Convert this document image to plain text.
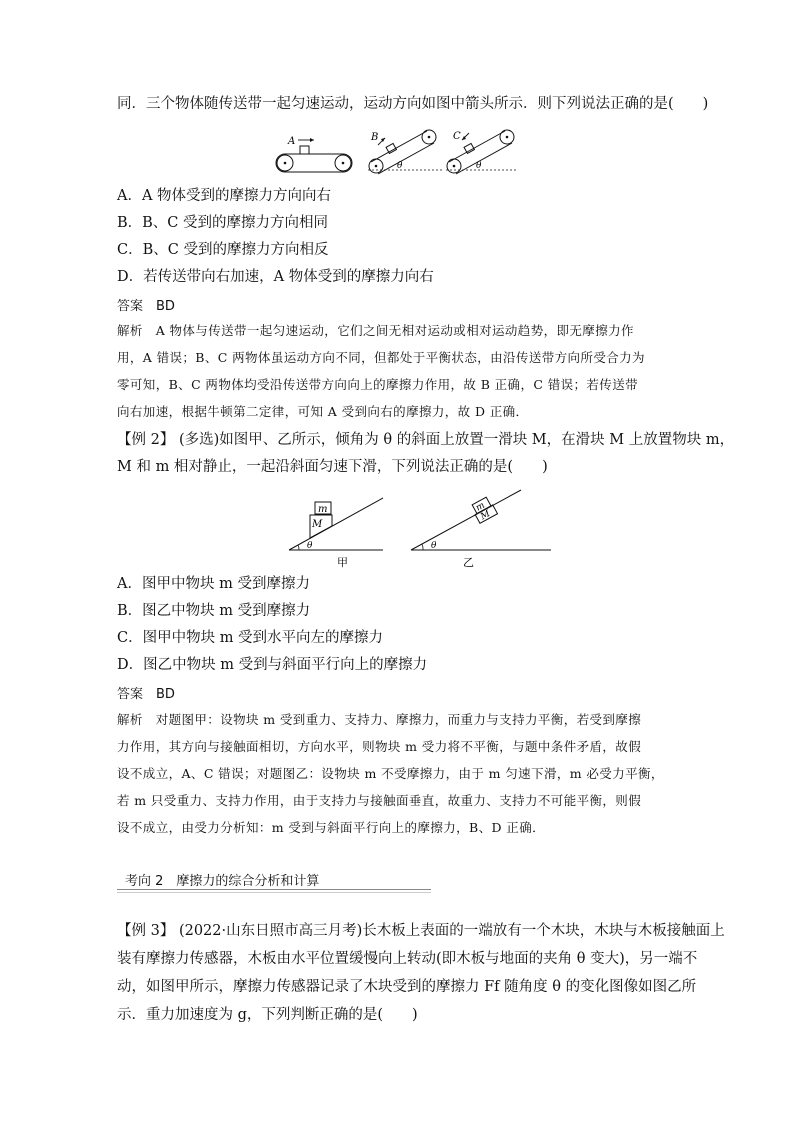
同．三个物体随传送带一起匀速运动，运动方向如图中箭头所示．则下列说法正确的是(　　)
A	B
θ
C
θ
A．A 物体受到的摩擦力方向向右
B．B、C 受到的摩擦力方向相同
C．B、C 受到的摩擦力方向相反
D．若传送带向右加速，A 物体受到的摩擦力向右
答案　BD
解析　A 物体与传送带一起匀速运动，它们之间无相对运动或相对运动趋势，即无摩擦力作
用，A 错误；B、C 两物体虽运动方向不同，但都处于平衡状态，由沿传送带方向所受合力为
零可知，B、C 两物体均受沿传送带方向向上的摩擦力作用，故 B 正确，C 错误；若传送带
向右加速，根据牛顿第二定律，可知 A 受到向右的摩擦力，故 D 正确．
【例 2】 (多选)如图甲、乙所示，倾角为 θ 的斜面上放置一滑块 M，在滑块 M 上放置物块 m，
M 和 m 相对静止，一起沿斜面匀速下滑，下列说法正确的是(　　)
θ
M
m
甲
θ
M
m
乙
A．图甲中物块 m 受到摩擦力
B．图乙中物块 m 受到摩擦力
C．图甲中物块 m 受到水平向左的摩擦力
D．图乙中物块 m 受到与斜面平行向上的摩擦力
答案　BD
解析　对题图甲：设物块 m 受到重力、支持力、摩擦力，而重力与支持力平衡，若受到摩擦
力作用，其方向与接触面相切，方向水平，则物块 m 受力将不平衡，与题中条件矛盾，故假
设不成立，A、C 错误；对题图乙：设物块 m 不受摩擦力，由于 m 匀速下滑，m 必受力平衡，
若 m 只受重力、支持力作用，由于支持力与接触面垂直，故重力、支持力不可能平衡，则假
设不成立，由受力分析知：m 受到与斜面平行向上的摩擦力，B、D 正确．
考向 2　摩擦力的综合分析和计算
【例 3】 (2022·山东日照市高三月考)长木板上表面的一端放有一个木块，木块与木板接触面上
装有摩擦力传感器，木板由水平位置缓慢向上转动(即木板与地面的夹角 θ 变大)，另一端不
动，如图甲所示，摩擦力传感器记录了木块受到的摩擦力 Ff 随角度 θ 的变化图像如图乙所
示．重力加速度为 g，下列判断正确的是(　　)
